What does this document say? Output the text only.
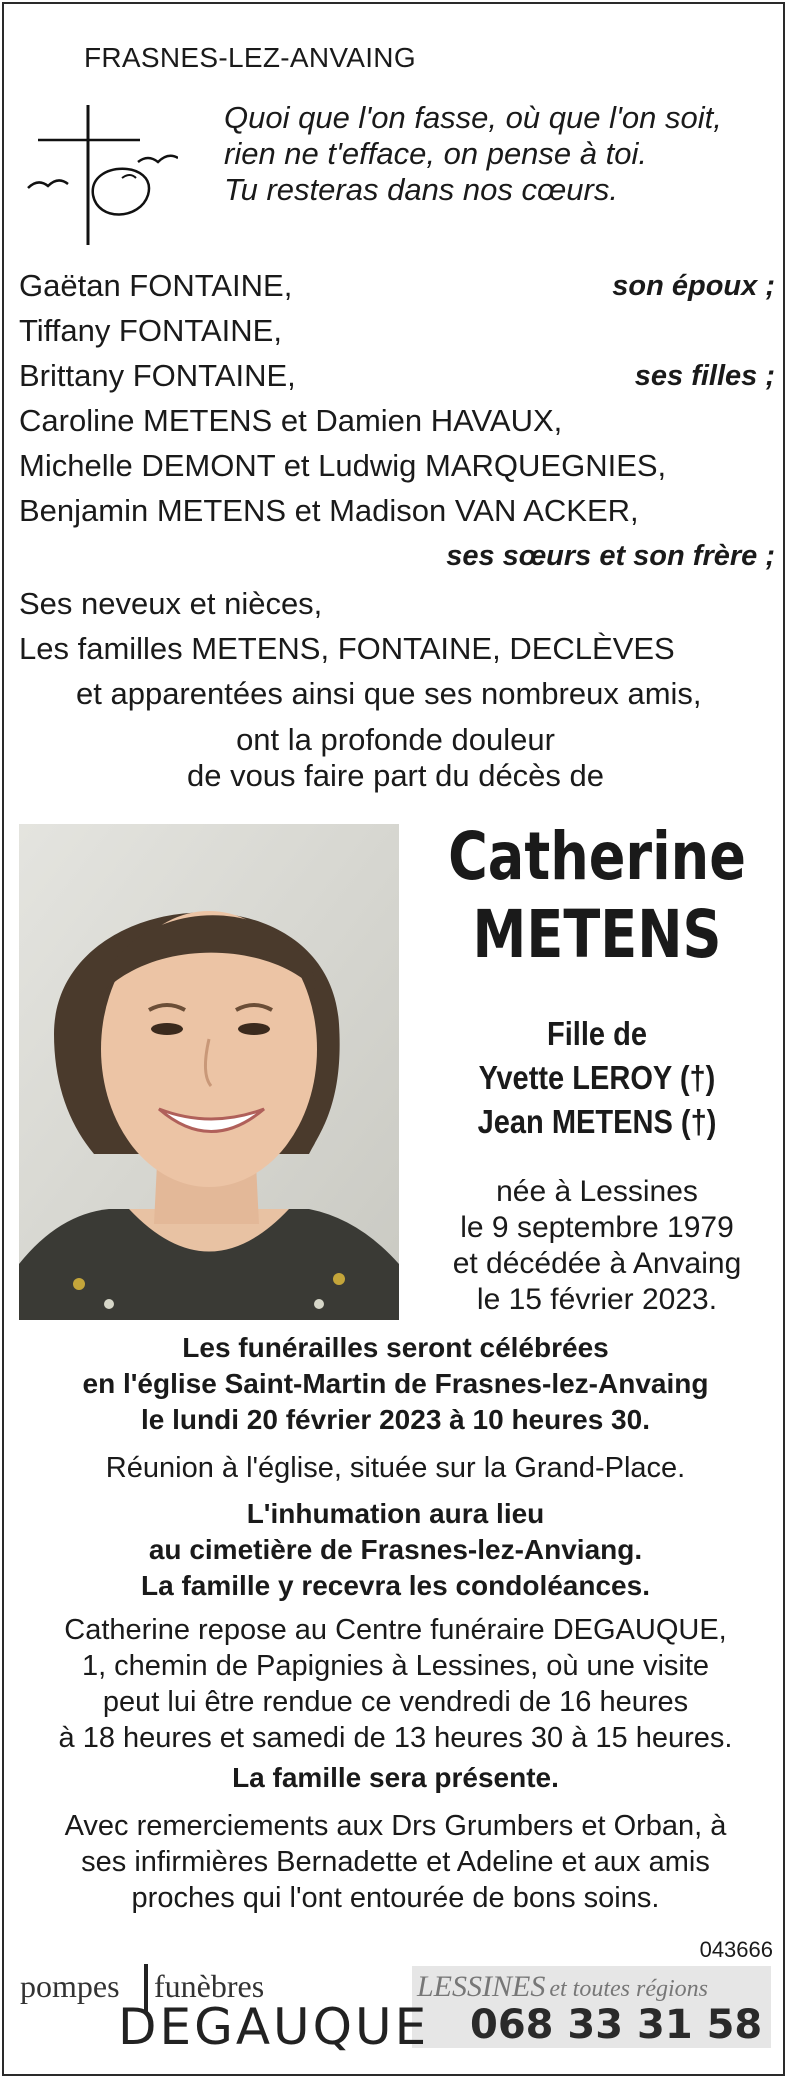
FRASNES-LEZ-ANVAING
Quoi que l'on fasse, où que l'on soit,
rien ne t'efface, on pense à toi.
Tu resteras dans nos cœurs.
Gaëtan FONTAINE,	son époux ;
Tiffany FONTAINE,
Brittany FONTAINE,	ses filles ;
Caroline METENS et Damien HAVAUX,
Michelle DEMONT et Ludwig MARQUEGNIES,
Benjamin METENS et Madison VAN ACKER,
ses sœurs et son frère ;
Ses neveux et nièces,
Les familles METENS, FONTAINE, DECLÈVES
et apparentées ainsi que ses nombreux amis,
ont la profonde douleur
de vous faire part du décès de
Catherine
METENS
Fille de
Yvette LEROY (†)
Jean METENS (†)
née à Lessines
le 9 septembre 1979
et décédée à Anvaing
le 15 février 2023.
Les funérailles seront célébrées
en l'église Saint-Martin de Frasnes-lez-Anvaing
le lundi 20 février 2023 à 10 heures 30.
Réunion à l'église, située sur la Grand-Place.
L'inhumation aura lieu
au cimetière de Frasnes-lez-Anviang.
La famille y recevra les condoléances.
Catherine repose au Centre funéraire DEGAUQUE,
1, chemin de Papignies à Lessines, où une visite
peut lui être rendue ce vendredi de 16 heures
à 18 heures et samedi de 13 heures 30 à 15 heures.
La famille sera présente.
Avec remerciements aux Drs Grumbers et Orban, à
ses infirmières Bernadette et Adeline et aux amis
proches qui l'ont entourée de bons soins.
043666
pompes funèbres
DEGAUQUE
LESSINES et toutes régions
068 33 31 58
